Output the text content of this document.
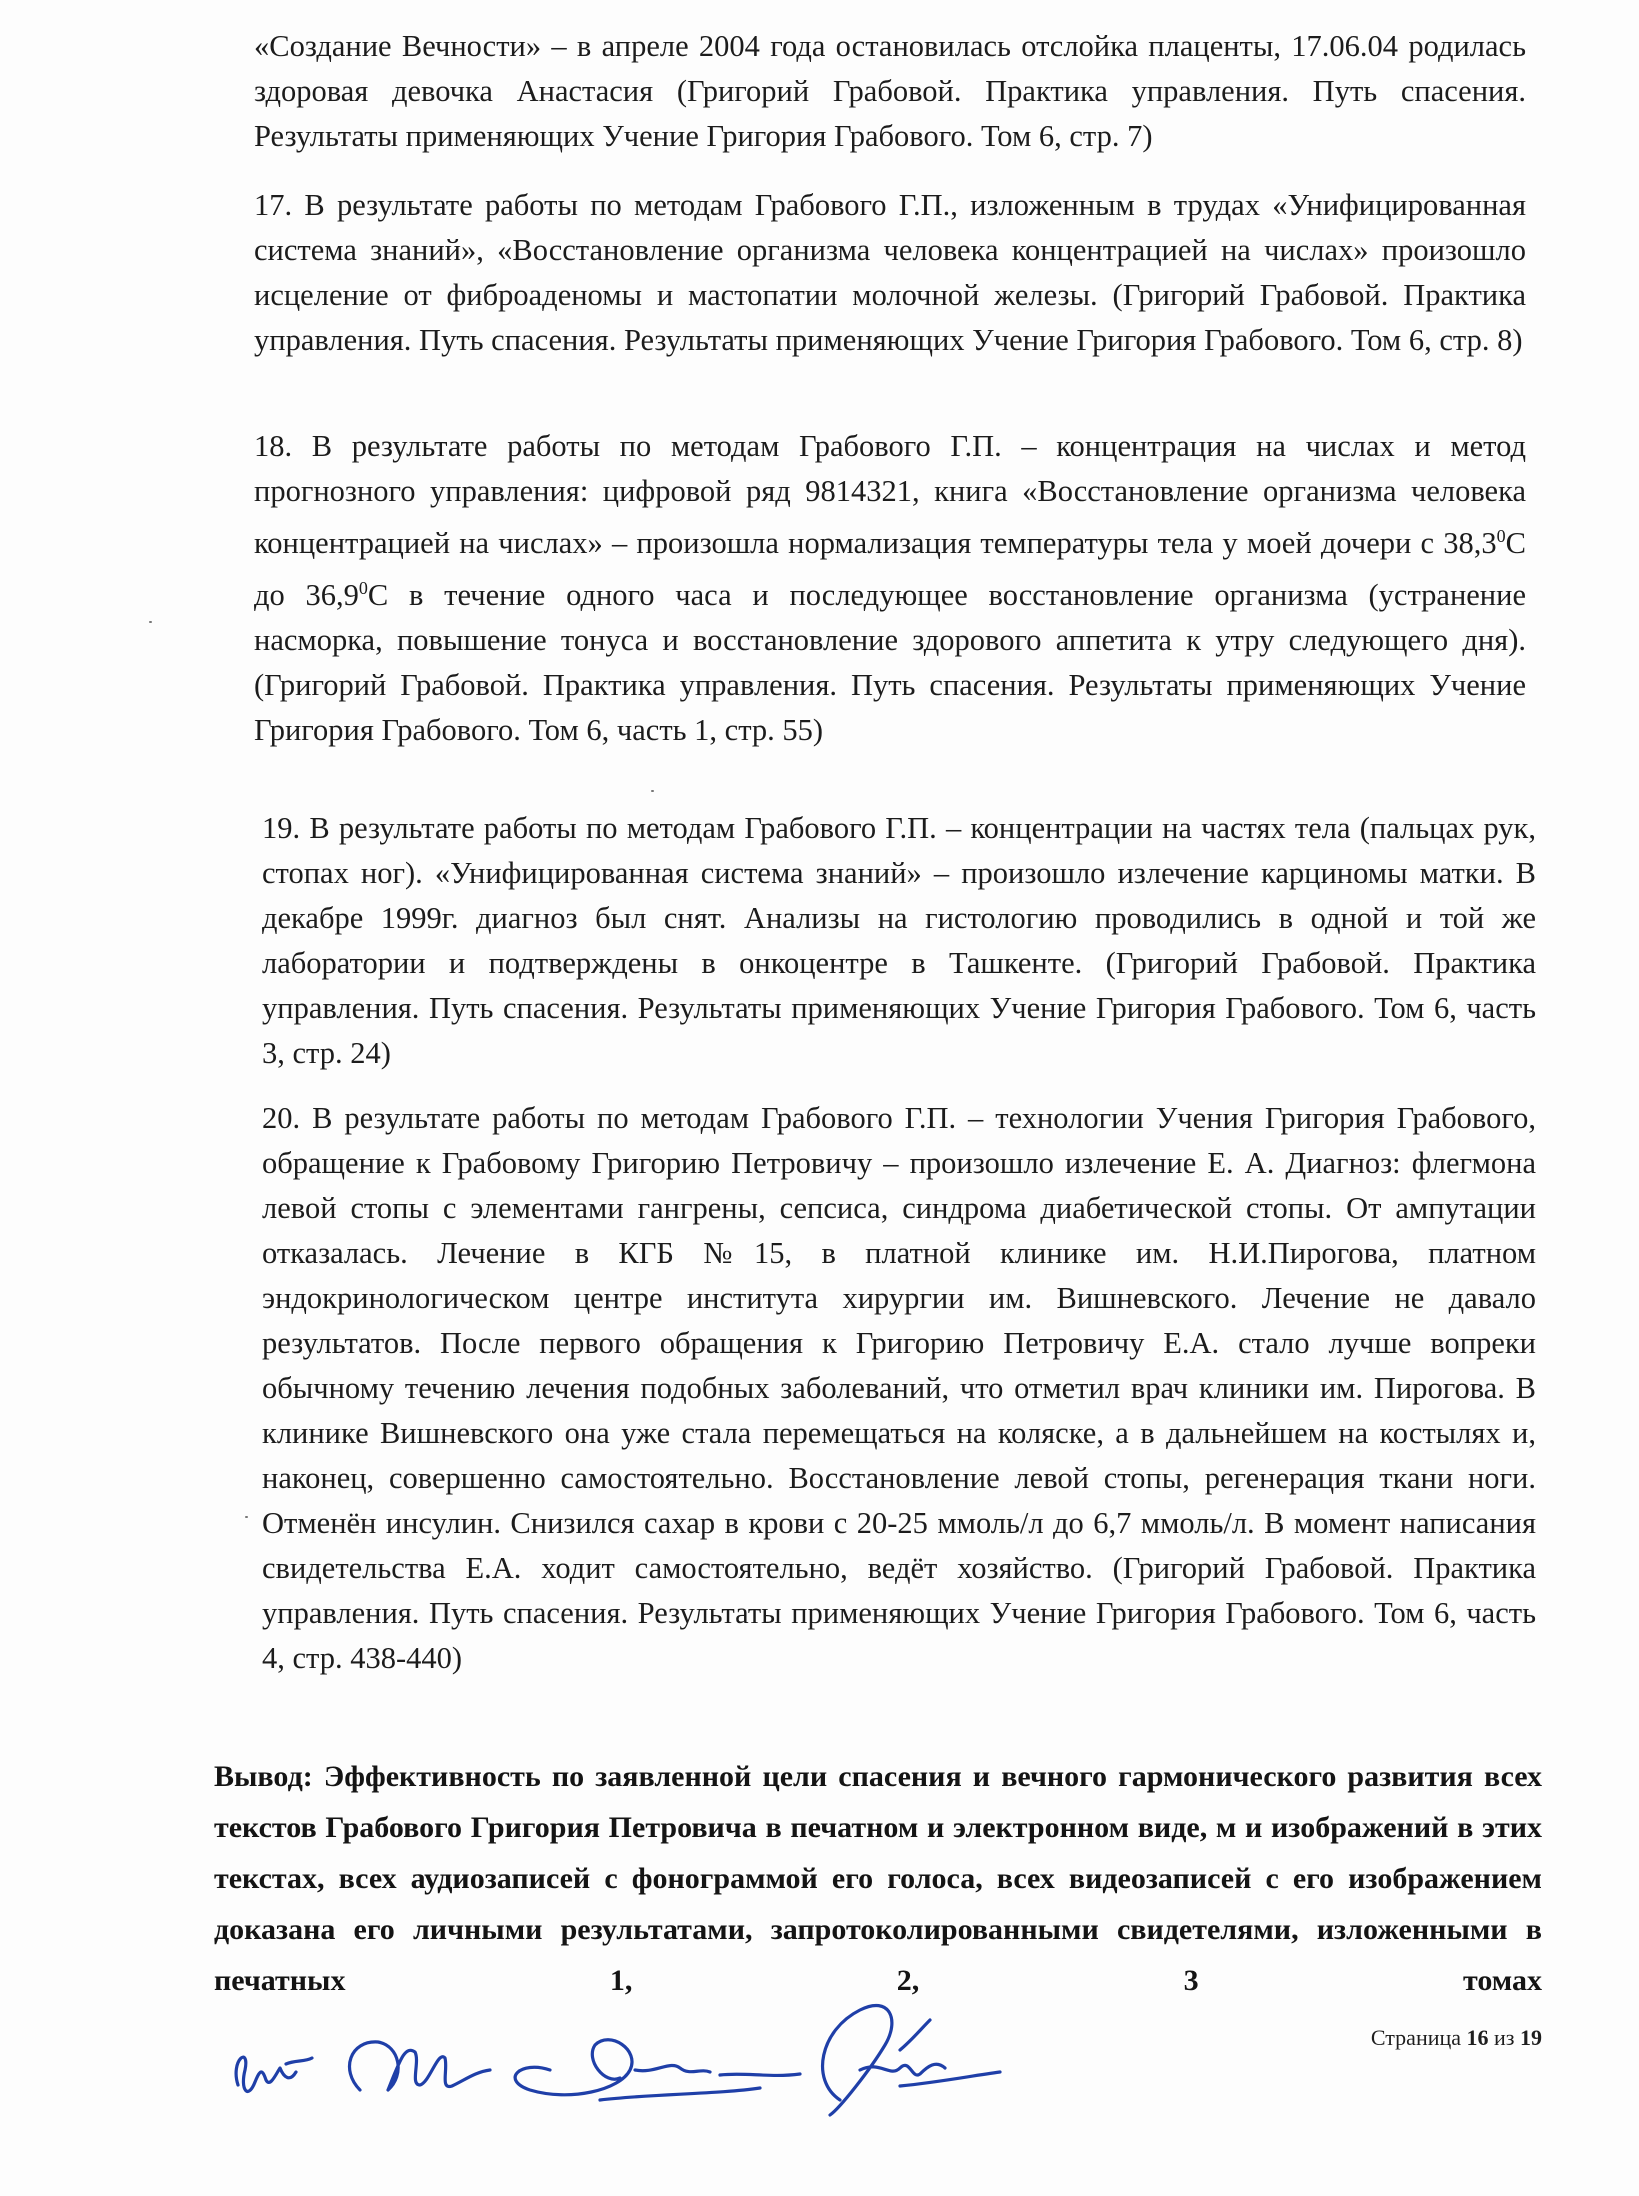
«Создание Вечности» – в апреле 2004 года остановилась отслойка плаценты, 17.06.04 родилась здоровая девочка Анастасия (Григорий Грабовой. Практика управления. Путь спасения. Результаты применяющих Учение Григория Грабового. Том 6, стр. 7)
17. В результате работы по методам Грабового Г.П., изложенным в трудах «Унифицированная система знаний», «Восстановление организма человека концентрацией на числах» произошло исцеление от фиброаденомы и мастопатии молочной железы. (Григорий Грабовой. Практика управления. Путь спасения. Результаты применяющих Учение Григория Грабового. Том 6, стр. 8)
18. В результате работы по методам Грабового Г.П. – концентрация на числах и метод прогнозного управления: цифровой ряд 9814321, книга «Восстановление организма человека концентрацией на числах» – произошла нормализация температуры тела у моей дочери с 38,3$^0$С до 36,9$^0$С в течение одного часа и последующее восстановление организма (устранение насморка, повышение тонуса и восстановление здорового аппетита к утру следующего дня). (Григорий Грабовой. Практика управления. Путь спасения. Результаты применяющих Учение Григория Грабового. Том 6, часть 1, стр. 55)
19. В результате работы по методам Грабового Г.П. – концентрации на частях тела (пальцах рук, стопах ног). «Унифицированная система знаний» – произошло излечение карциномы матки. В декабре 1999г. диагноз был снят. Анализы на гистологию проводились в одной и той же лаборатории и подтверждены в онкоцентре в Ташкенте. (Григорий Грабовой. Практика управления. Путь спасения. Результаты применяющих Учение Григория Грабового. Том 6, часть 3, стр. 24)
20. В результате работы по методам Грабового Г.П. – технологии Учения Григория Грабового, обращение к Грабовому Григорию Петровичу – произошло излечение Е. А. Диагноз: флегмона левой стопы с элементами гангрены, сепсиса, синдрома диабетической стопы. От ампутации отказалась. Лечение в КГБ №15, в платной клинике им. Н.И.Пирогова, платном эндокринологическом центре института хирургии им. Вишневского. Лечение не давало результатов. После первого обращения к Григорию Петровичу Е.А. стало лучше вопреки обычному течению лечения подобных заболеваний, что отметил врач клиники им. Пирогова. В клинике Вишневского она уже стала перемещаться на коляске, а в дальнейшем на костылях и, наконец, совершенно самостоятельно. Восстановление левой стопы, регенерация ткани ноги. Отменён инсулин. Снизился сахар в крови с 20-25 ммоль/л до 6,7 ммоль/л. В момент написания свидетельства Е.А. ходит самостоятельно, ведёт хозяйство. (Григорий Грабовой. Практика управления. Путь спасения. Результаты применяющих Учение Григория Грабового. Том 6, часть 4, стр. 438-440)
Вывод: Эффективность по заявленной цели спасения и вечного гармонического развития всех текстов Грабового Григория Петровича в печатном и электронном виде, м и изображений в этих текстах, всех аудиозаписей с фонограммой его голоса, всех видеозаписей с его изображением доказана его личными результатами, запротоколированными свидетелями, изложенными в печатных 1, 2, 3 томах
Страница 16 из 19
